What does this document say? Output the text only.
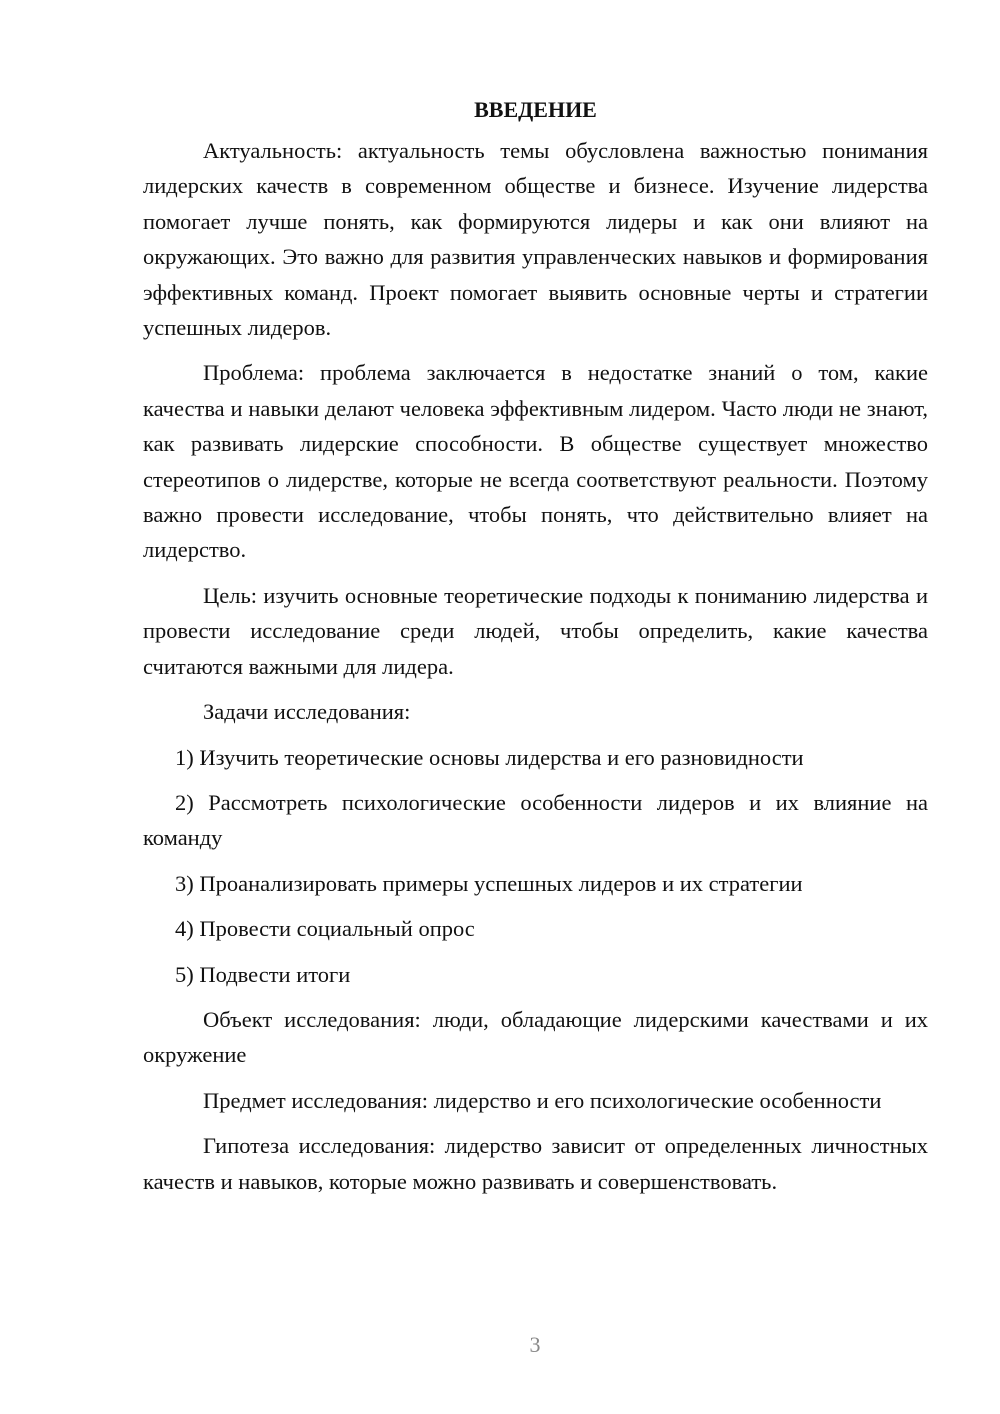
ВВЕДЕНИЕ

Актуальность: актуальность темы обусловлена важностью понимания лидерских качеств в современном обществе и бизнесе. Изучение лидерства помогает лучше понять, как формируются лидеры и как они влияют на окружающих. Это важно для развития управленческих навыков и формирования эффективных команд. Проект помогает выявить основные черты и стратегии успешных лидеров.

Проблема: проблема заключается в недостатке знаний о том, какие качества и навыки делают человека эффективным лидером. Часто люди не знают, как развивать лидерские способности. В обществе существует множество стереотипов о лидерстве, которые не всегда соответствуют реальности. Поэтому важно провести исследование, чтобы понять, что действительно влияет на лидерство.

Цель: изучить основные теоретические подходы к пониманию лидерства и провести исследование среди людей, чтобы определить, какие качества считаются важными для лидера.

Задачи исследования:

1) Изучить теоретические основы лидерства и его разновидности

2) Рассмотреть психологические особенности лидеров и их влияние на команду

3) Проанализировать примеры успешных лидеров и их стратегии

4) Провести социальный опрос

5) Подвести итоги

Объект исследования: люди, обладающие лидерскими качествами и их окружение

Предмет исследования: лидерство и его психологические особенности

Гипотеза исследования: лидерство зависит от определенных личностных качеств и навыков, которые можно развивать и совершенствовать.

3
